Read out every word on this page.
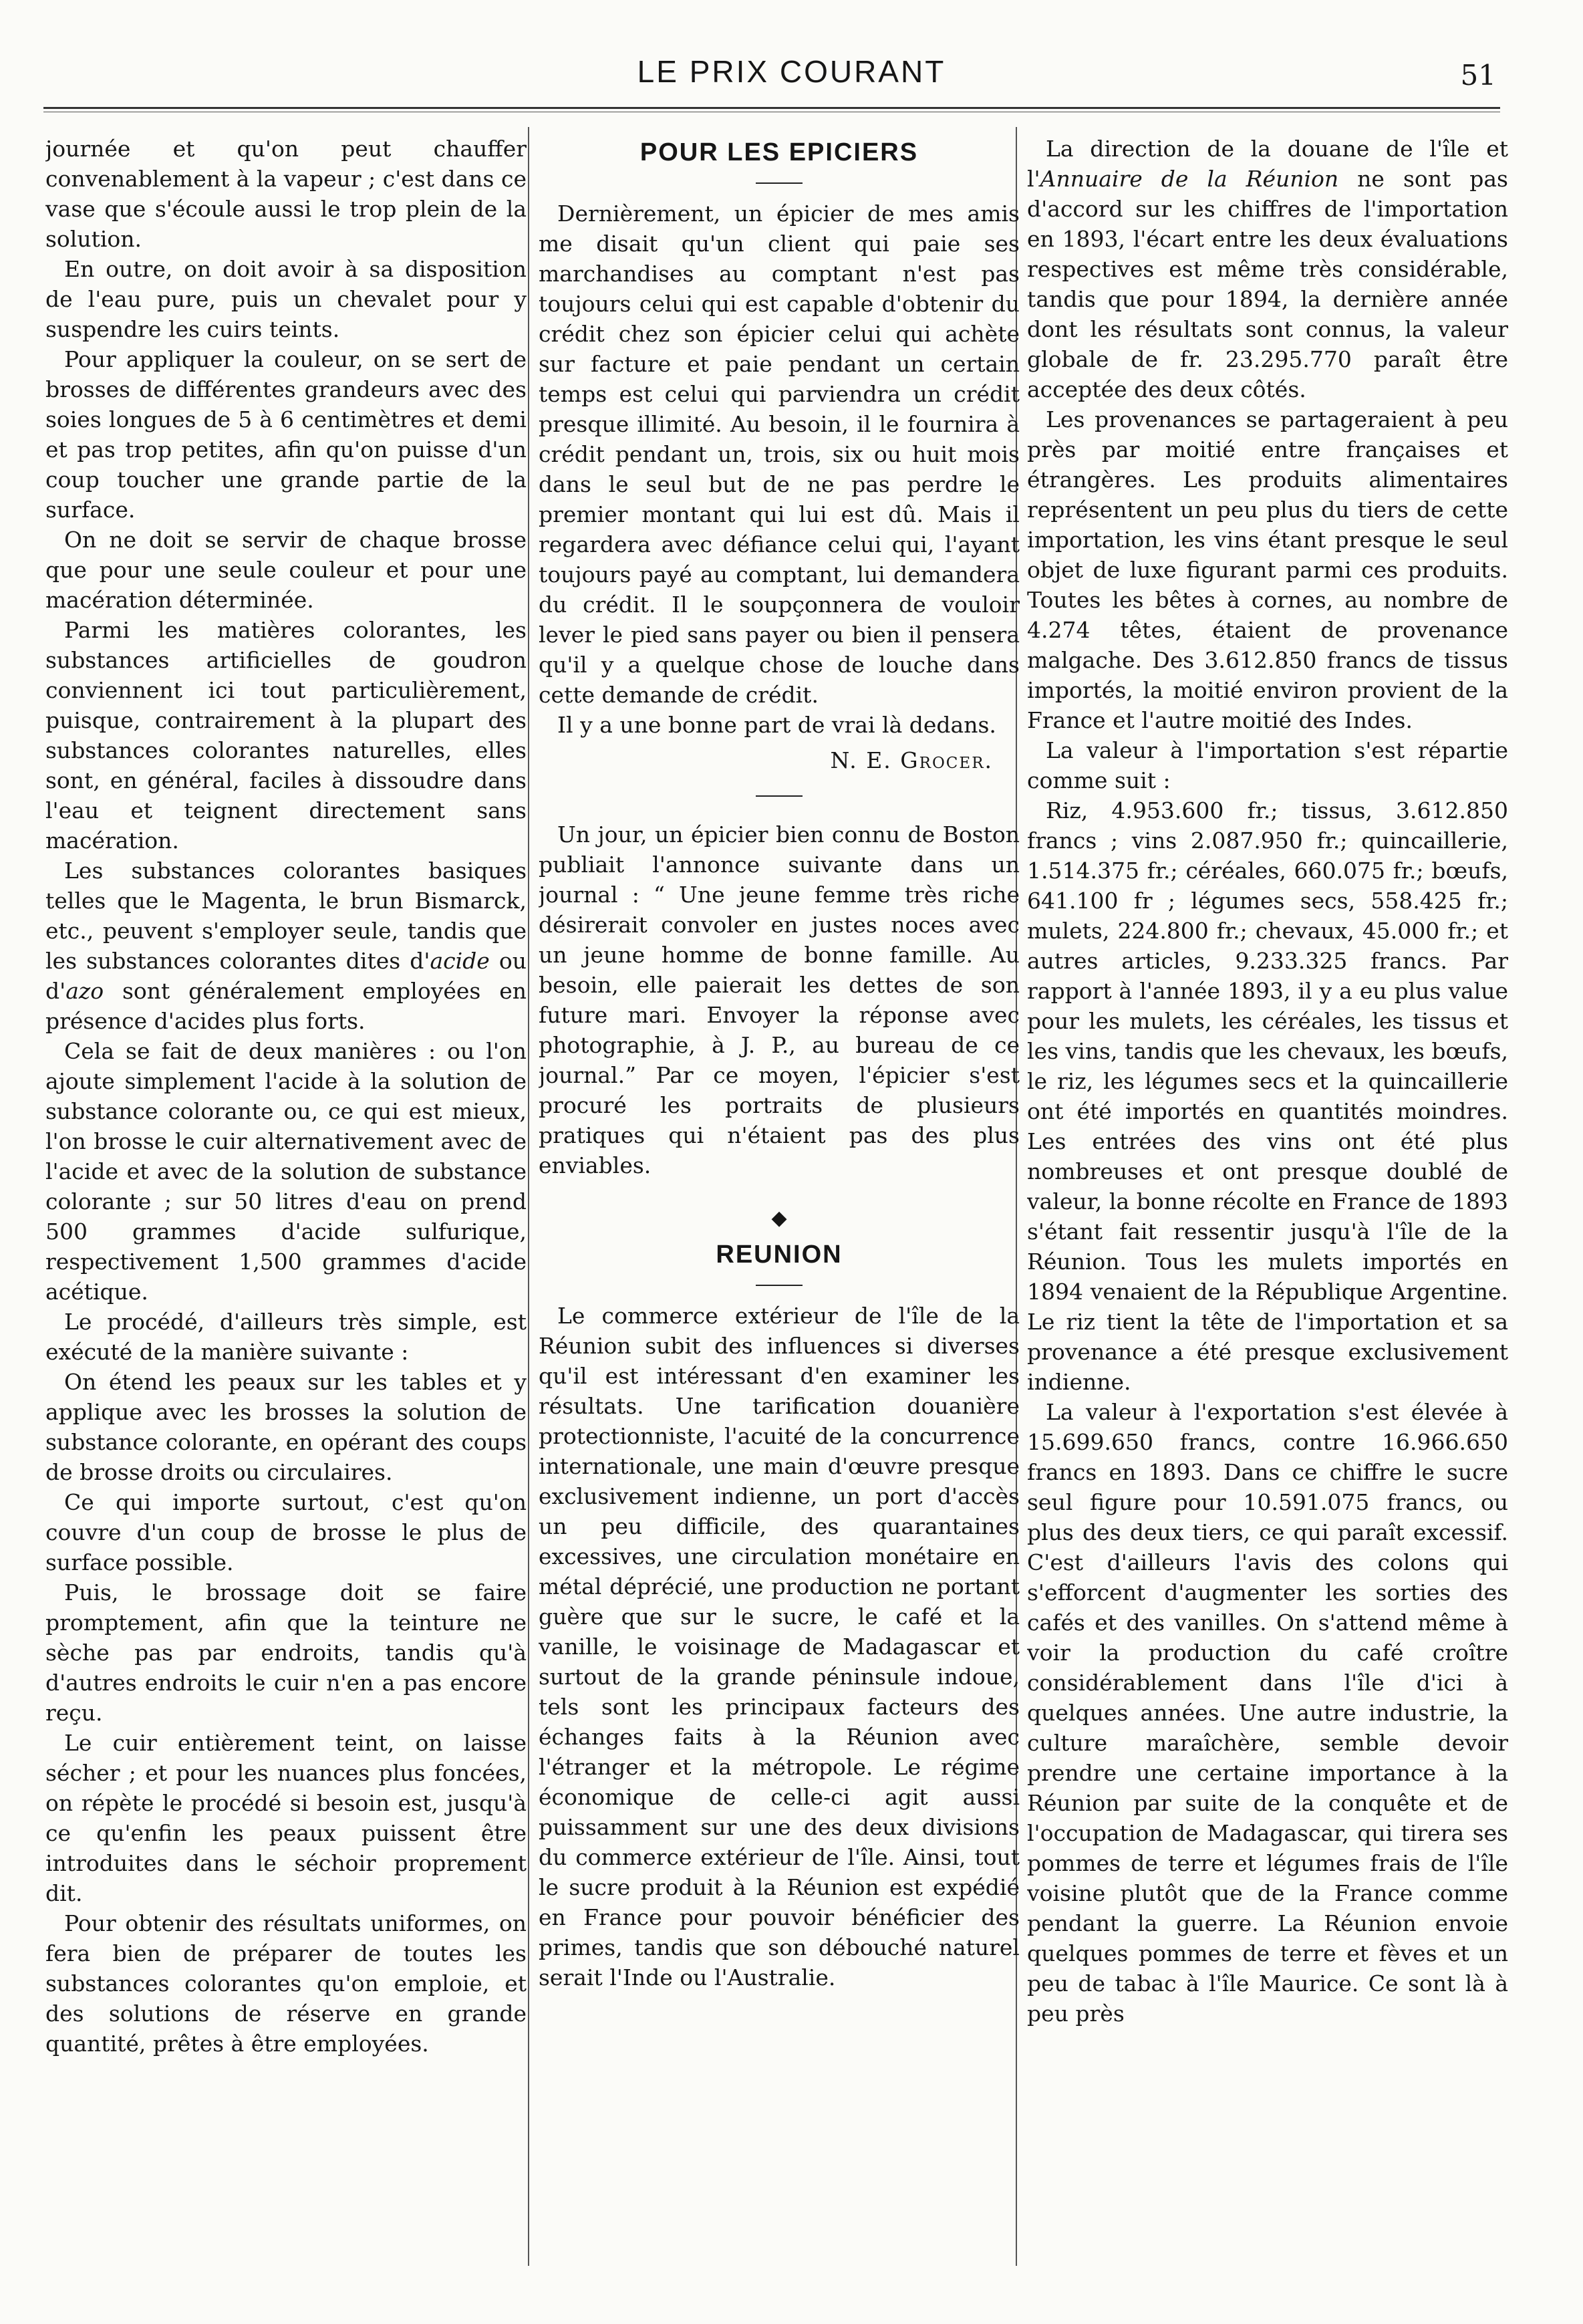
LE PRIX COURANT	51

journée et qu'on peut chauffer convenablement à la vapeur ; c'est dans ce vase que s'écoule aussi le trop plein de la solution.

En outre, on doit avoir à sa disposition de l'eau pure, puis un chevalet pour y suspendre les cuirs teints.

Pour appliquer la couleur, on se sert de brosses de différentes grandeurs avec des soies longues de 5 à 6 centimètres et demi et pas trop petites, afin qu'on puisse d'un coup toucher une grande partie de la surface.

On ne doit se servir de chaque brosse que pour une seule couleur et pour une macération déterminée.

Parmi les matières colorantes, les substances artificielles de goudron conviennent ici tout particulièrement, puisque, contrairement à la plupart des substances colorantes naturelles, elles sont, en général, faciles à dissoudre dans l'eau et teignent directement sans macération.

Les substances colorantes basiques telles que le Magenta, le brun Bismarck, etc., peuvent s'employer seule, tandis que les substances colorantes dites d'acide ou d'azo sont généralement employées en présence d'acides plus forts.

Cela se fait de deux manières : ou l'on ajoute simplement l'acide à la solution de substance colorante ou, ce qui est mieux, l'on brosse le cuir alternativement avec de l'acide et avec de la solution de substance colorante ; sur 50 litres d'eau on prend 500 grammes d'acide sulfurique, respectivement 1,500 grammes d'acide acétique.

Le procédé, d'ailleurs très simple, est exécuté de la manière suivante :

On étend les peaux sur les tables et y applique avec les brosses la solution de substance colorante, en opérant des coups de brosse droits ou circulaires.

Ce qui importe surtout, c'est qu'on couvre d'un coup de brosse le plus de surface possible.

Puis, le brossage doit se faire promptement, afin que la teinture ne sèche pas par endroits, tandis qu'à d'autres endroits le cuir n'en a pas encore reçu.

Le cuir entièrement teint, on laisse sécher ; et pour les nuances plus foncées, on répète le procédé si besoin est, jusqu'à ce qu'enfin les peaux puissent être introduites dans le séchoir proprement dit.

Pour obtenir des résultats uniformes, on fera bien de préparer de toutes les substances colorantes qu'on emploie, et des solutions de réserve en grande quantité, prêtes à être employées.

POUR LES EPICIERS

Dernièrement, un épicier de mes amis me disait qu'un client qui paie ses marchandises au comptant n'est pas toujours celui qui est capable d'obtenir du crédit chez son épicier celui qui achète sur facture et paie pendant un certain temps est celui qui parviendra un crédit presque illimité. Au besoin, il le fournira à crédit pendant un, trois, six ou huit mois dans le seul but de ne pas perdre le premier montant qui lui est dû. Mais il regardera avec défiance celui qui, l'ayant toujours payé au comptant, lui demandera du crédit. Il le soupçonnera de vouloir lever le pied sans payer ou bien il pensera qu'il y a quelque chose de louche dans cette demande de crédit.

Il y a une bonne part de vrai là dedans.

N. E. Grocer.

Un jour, un épicier bien connu de Boston publiait l'annonce suivante dans un journal : “ Une jeune femme très riche désirerait convoler en justes noces avec un jeune homme de bonne famille. Au besoin, elle paierait les dettes de son future mari. Envoyer la réponse avec photographie, à J. P., au bureau de ce journal.” Par ce moyen, l'épicier s'est procuré les portraits de plusieurs pratiques qui n'étaient pas des plus enviables.

◆
REUNION

Le commerce extérieur de l'île de la Réunion subit des influences si diverses qu'il est intéressant d'en examiner les résultats. Une tarification douanière protectionniste, l'acuité de la concurrence internationale, une main d'œuvre presque exclusivement indienne, un port d'accès un peu difficile, des quarantaines excessives, une circulation monétaire en métal déprécié, une production ne portant guère que sur le sucre, le café et la vanille, le voisinage de Madagascar et surtout de la grande péninsule indoue, tels sont les principaux facteurs des échanges faits à la Réunion avec l'étranger et la métropole. Le régime économique de celle-ci agit aussi puissamment sur une des deux divisions du commerce extérieur de l'île. Ainsi, tout le sucre produit à la Réunion est expédié en France pour pouvoir bénéficier des primes, tandis que son débouché naturel serait l'Inde ou l'Australie.

La direction de la douane de l'île et l'Annuaire de la Réunion ne sont pas d'accord sur les chiffres de l'importation en 1893, l'écart entre les deux évaluations respectives est même très considérable, tandis que pour 1894, la dernière année dont les résultats sont connus, la valeur globale de fr. 23.295.770 paraît être acceptée des deux côtés.

Les provenances se partageraient à peu près par moitié entre françaises et étrangères. Les produits alimentaires représentent un peu plus du tiers de cette importation, les vins étant presque le seul objet de luxe figurant parmi ces produits. Toutes les bêtes à cornes, au nombre de 4.274 têtes, étaient de provenance malgache. Des 3.612.850 francs de tissus importés, la moitié environ provient de la France et l'autre moitié des Indes.

La valeur à l'importation s'est répartie comme suit :

Riz, 4.953.600 fr.; tissus, 3.612.850 francs ; vins 2.087.950 fr.; quincaillerie, 1.514.375 fr.; céréales, 660.075 fr.; bœufs, 641.100 fr ; légumes secs, 558.425 fr.; mulets, 224.800 fr.; chevaux, 45.000 fr.; et autres articles, 9.233.325 francs. Par rapport à l'année 1893, il y a eu plus value pour les mulets, les céréales, les tissus et les vins, tandis que les chevaux, les bœufs, le riz, les légumes secs et la quincaillerie ont été importés en quantités moindres. Les entrées des vins ont été plus nombreuses et ont presque doublé de valeur, la bonne récolte en France de 1893 s'étant fait ressentir jusqu'à l'île de la Réunion. Tous les mulets importés en 1894 venaient de la République Argentine. Le riz tient la tête de l'importation et sa provenance a été presque exclusivement indienne.

La valeur à l'exportation s'est élevée à 15.699.650 francs, contre 16.966.650 francs en 1893. Dans ce chiffre le sucre seul figure pour 10.591.075 francs, ou plus des deux tiers, ce qui paraît excessif. C'est d'ailleurs l'avis des colons qui s'efforcent d'augmenter les sorties des cafés et des vanilles. On s'attend même à voir la production du café croître considérablement dans l'île d'ici à quelques années. Une autre industrie, la culture maraîchère, semble devoir prendre une certaine importance à la Réunion par suite de la conquête et de l'occupation de Madagascar, qui tirera ses pommes de terre et légumes frais de l'île voisine plutôt que de la France comme pendant la guerre. La Réunion envoie quelques pommes de terre et fèves et un peu de tabac à l'île Maurice. Ce sont là à peu près
